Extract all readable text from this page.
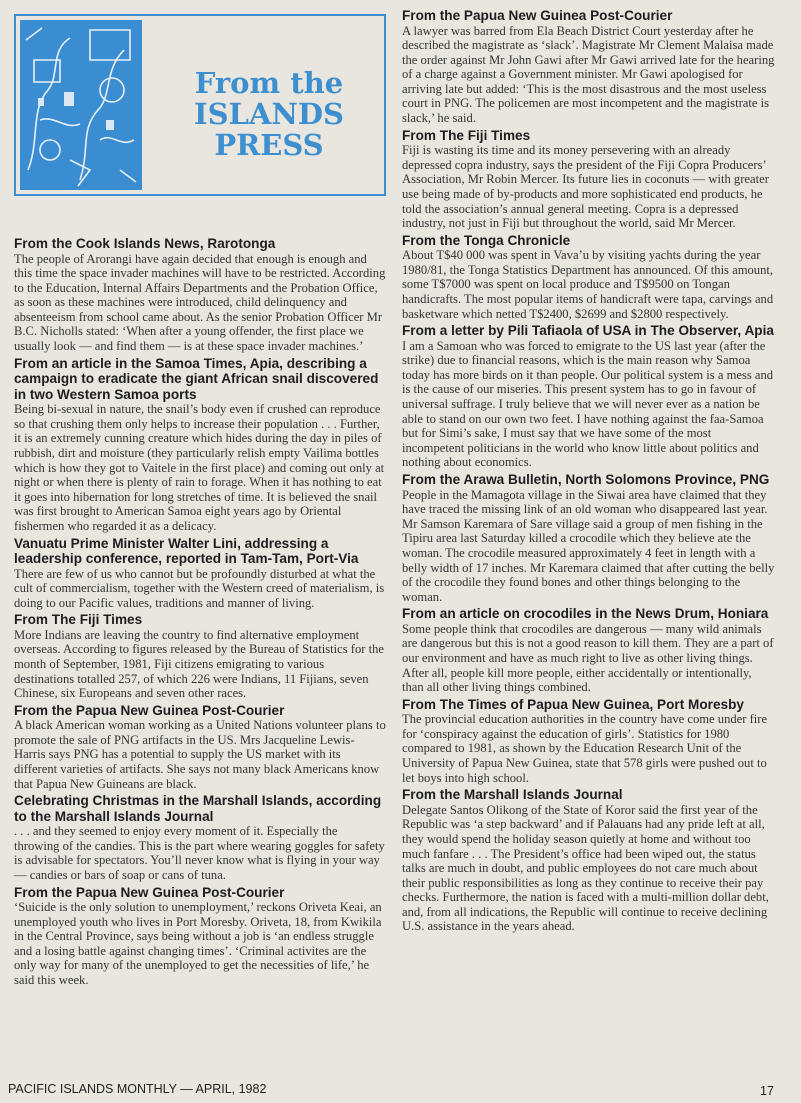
From the
ISLANDS
PRESS

From the Cook Islands News, Rarotonga

The people of Arorangi have again decided that enough is enough and this time the space invader machines will have to be restricted. According to the Education, Internal Affairs Departments and the Probation Office, as soon as these machines were introduced, child delinquency and absenteeism from school came about. As the senior Probation Officer Mr B.C. Nicholls stated: ‘When after a young offender, the first place we usually look — and find them — is at these space invader machines.’

From an article in the Samoa Times, Apia, describing a campaign to eradicate the giant African snail discovered in two Western Samoa ports

Being bi-sexual in nature, the snail’s body even if crushed can reproduce so that crushing them only helps to increase their population . . . Further, it is an extremely cunning creature which hides during the day in piles of rubbish, dirt and moisture (they particularly relish empty Vailima bottles which is how they got to Vaitele in the first place) and coming out only at night or when there is plenty of rain to forage. When it has nothing to eat it goes into hibernation for long stretches of time. It is believed the snail was first brought to American Samoa eight years ago by Oriental fishermen who regarded it as a delicacy.

Vanuatu Prime Minister Walter Lini, addressing a leadership conference, reported in Tam-Tam, Port-Via

There are few of us who cannot but be profoundly disturbed at what the cult of commercialism, together with the Western creed of materialism, is doing to our Pacific values, traditions and manner of living.

From The Fiji Times

More Indians are leaving the country to find alternative employment overseas. According to figures released by the Bureau of Statistics for the month of September, 1981, Fiji citizens emigrating to various destinations totalled 257, of which 226 were Indians, 11 Fijians, seven Chinese, six Europeans and seven other races.

From the Papua New Guinea Post-Courier

A black American woman working as a United Nations volunteer plans to promote the sale of PNG artifacts in the US. Mrs Jacqueline Lewis-Harris says PNG has a potential to supply the US market with its different varieties of artifacts. She says not many black Americans know that Papua New Guineans are black.

Celebrating Christmas in the Marshall Islands, according to the Marshall Islands Journal

. . . and they seemed to enjoy every moment of it. Especially the throwing of the candies. This is the part where wearing goggles for safety is advisable for spectators. You’ll never know what is flying in your way — candies or bars of soap or cans of tuna.

From the Papua New Guinea Post-Courier

‘Suicide is the only solution to unemployment,’ reckons Oriveta Keai, an unemployed youth who lives in Port Moresby. Oriveta, 18, from Kwikila in the Central Province, says being without a job is ‘an endless struggle and a losing battle against changing times’. ‘Criminal activites are the only way for many of the unemployed to get the necessities of life,’ he said this week.

From the Papua New Guinea Post-Courier

A lawyer was barred from Ela Beach District Court yesterday after he described the magistrate as ‘slack’. Magistrate Mr Clement Malaisa made the order against Mr John Gawi after Mr Gawi arrived late for the hearing of a charge against a Government minister. Mr Gawi apologised for arriving late but added: ‘This is the most disastrous and the most useless court in PNG. The policemen are most incompetent and the magistrate is slack,’ he said.

From The Fiji Times

Fiji is wasting its time and its money persevering with an already depressed copra industry, says the president of the Fiji Copra Producers’ Association, Mr Robin Mercer. Its future lies in coconuts — with greater use being made of by-products and more sophisticated end products, he told the association’s annual general meeting. Copra is a depressed industry, not just in Fiji but throughout the world, said Mr Mercer.

From the Tonga Chronicle

About T$40 000 was spent in Vava’u by visiting yachts during the year 1980/81, the Tonga Statistics Department has announced. Of this amount, some T$7000 was spent on local produce and T$9500 on Tongan handicrafts. The most popular items of handicraft were tapa, carvings and basketware which netted T$2400, $2699 and $2800 respectively.

From a letter by Pili Tafiaola of USA in The Observer, Apia

I am a Samoan who was forced to emigrate to the US last year (after the strike) due to financial reasons, which is the main reason why Samoa today has more birds on it than people. Our political system is a mess and is the cause of our miseries. This present system has to go in favour of universal suffrage. I truly believe that we will never ever as a nation be able to stand on our own two feet. I have nothing against the faa-Samoa but for Simi’s sake, I must say that we have some of the most incompetent politicians in the world who know little about politics and nothing about economics.

From the Arawa Bulletin, North Solomons Province, PNG

People in the Mamagota village in the Siwai area have claimed that they have traced the missing link of an old woman who disappeared last year. Mr Samson Karemara of Sare village said a group of men fishing in the Tipiru area last Saturday killed a crocodile which they believe ate the woman. The crocodile measured approximately 4 feet in length with a belly width of 17 inches. Mr Karemara claimed that after cutting the belly of the crocodile they found bones and other things belonging to the woman.

From an article on crocodiles in the News Drum, Honiara

Some people think that crocodiles are dangerous — many wild animals are dangerous but this is not a good reason to kill them. They are a part of our environment and have as much right to live as other living things. After all, people kill more people, either accidentally or intentionally, than all other living things combined.

From The Times of Papua New Guinea, Port Moresby

The provincial education authorities in the country have come under fire for ‘conspiracy against the education of girls’. Statistics for 1980 compared to 1981, as shown by the Education Research Unit of the University of Papua New Guinea, state that 578 girls were pushed out to let boys into high school.

From the Marshall Islands Journal

Delegate Santos Olikong of the State of Koror said the first year of the Republic was ‘a step backward’ and if Palauans had any pride left at all, they would spend the holiday season quietly at home and without too much fanfare . . . The President’s office had been wiped out, the status talks are much in doubt, and public employees do not care much about their public responsibilities as long as they continue to receive their pay checks. Furthermore, the nation is faced with a multi-million dollar debt, and, from all indications, the Republic will continue to receive declining U.S. assistance in the years ahead.

PACIFIC ISLANDS MONTHLY — APRIL, 1982	17
